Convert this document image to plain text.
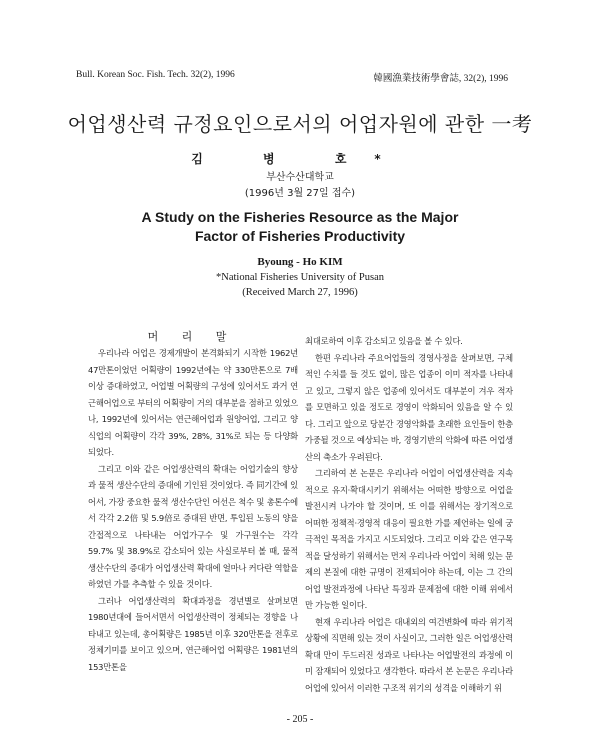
Bull. Korean Soc. Fish. Tech. 32(2), 1996	韓國漁業技術學會誌, 32(2), 1996
어업생산력 규정요인으로서의 어업자원에 관한 一考
김 병 호*
부산수산대학교
(1996년 3월 27일 접수)
A Study on the Fisheries Resource as the Major
Factor of Fisheries Productivity
Byoung - Ho KIM
*National Fisheries University of Pusan
(Received March 27, 1996)
머 리 말

우리나라 어업은 경제개발이 본격화되기 시작한 1962년 47만톤이었던 어획량이 1992년에는 약 330만톤으로 7배이상 증대하였고, 어업별 어획량의 구성에 있어서도 과거 연근해어업으로 부터의 어획량이 거의 대부분을 점하고 있었으나, 1992년에 있어서는 연근해어업과 원양어업, 그리고 양식업의 어획량이 각각 39%, 28%, 31%로 되는 등 다양화되었다.

그리고 이와 같은 어업생산력의 확대는 어업기술의 향상과 물적 생산수단의 증대에 기인된 것이었다. 즉 同기간에 있어서, 가장 중요한 물적 생산수단인 어선은 척수 및 총톤수에서 각각 2.2倍 및 5.9倍로 증대된 반면, 투입된 노동의 양을 간접적으로 나타내는 어업가구수 및 가구원수는 각각 59.7% 및 38.9%로 감소되어 있는 사실로부터 볼 때, 물적 생산수단의 증대가 어업생산력 확대에 얼마나 커다란 역할을 하였던 가를 추측할 수 있을 것이다.

그러나 어업생산력의 확대과정을 경년별로 살펴보면 1980년대에 들어서면서 어업생산력이 정체되는 경향을 나타내고 있는데, 총어획량은 1985년 이후 320만톤을 전후로 정체기미를 보이고 있으며, 연근해어업 어획량은 1981년의 153만톤을

최대로하여 이후 감소되고 있음을 볼 수 있다.

한편 우리나라 주요어업들의 경영사정을 살펴보면, 구체적인 수치를 들 것도 없이, 많은 업종이 이미 적자를 나타내고 있고, 그렇지 않은 업종에 있어서도 대부분이 겨우 적자를 모면하고 있을 정도로 경영이 악화되어 있음을 알 수 있다. 그리고 앞으로 당분간 경영악화를 초래한 요인들이 한층 가중될 것으로 예상되는 바, 경영기반의 악화에 따른 어업생산의 축소가 우려된다.

그리하여 본 논문은 우리나라 어업이 어업생산력을 지속적으로 유지·확대시키기 위해서는 어떠한 방향으로 어업을 발전시켜 나가야 할 것이며, 또 이를 위해서는 장기적으로 어떠한 정책적·경영적 대응이 필요한 가를 제언하는 일에 궁극적인 목적을 가지고 시도되었다. 그리고 이와 같은 연구목적을 달성하기 위해서는 먼저 우리나라 어업이 처해 있는 문제의 본질에 대한 규명이 전제되어야 하는데, 이는 그 간의 어업 발전과정에 나타난 특징과 문제점에 대한 이해 위에서만 가능한 일이다.

현재 우리나라 어업은 대내외의 여건변화에 따라 위기적 상황에 직면해 있는 것이 사실이고, 그러한 일은 어업생산력 확대 만이 두드러진 성과로 나타나는 어업발전의 과정에 이미 잠재되어 있었다고 생각한다. 따라서 본 논문은 우리나라 어업에 있어서 이러한 구조적 위기의 성격을 이해하기 위

- 205 -
